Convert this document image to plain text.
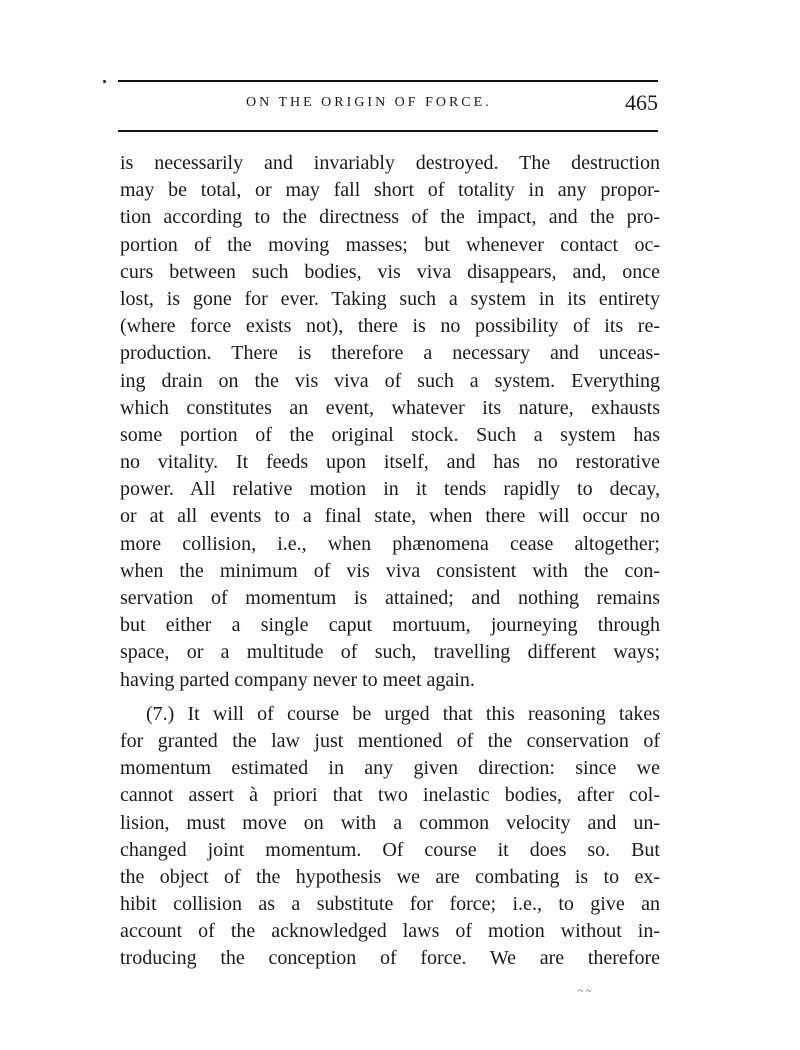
ON THE ORIGIN OF FORCE.	465
is necessarily and invariably destroyed. The destruction
may be total, or may fall short of totality in any propor-
tion according to the directness of the impact, and the pro-
portion of the moving masses; but whenever contact oc-
curs between such bodies, vis viva disappears, and, once
lost, is gone for ever. Taking such a system in its entirety
(where force exists not), there is no possibility of its re-
production. There is therefore a necessary and unceas-
ing drain on the vis viva of such a system. Everything
which constitutes an event, whatever its nature, exhausts
some portion of the original stock. Such a system has
no vitality. It feeds upon itself, and has no restorative
power. All relative motion in it tends rapidly to decay,
or at all events to a final state, when there will occur no
more collision, i.e., when phænomena cease altogether;
when the minimum of vis viva consistent with the con-
servation of momentum is attained; and nothing remains
but either a single caput mortuum, journeying through
space, or a multitude of such, travelling different ways;
having parted company never to meet again.
(7.) It will of course be urged that this reasoning takes
for granted the law just mentioned of the conservation of
momentum estimated in any given direction: since we
cannot assert à priori that two inelastic bodies, after col-
lision, must move on with a common velocity and un-
changed joint momentum. Of course it does so. But
the object of the hypothesis we are combating is to ex-
hibit collision as a substitute for force; i.e., to give an
account of the acknowledged laws of motion without in-
troducing the conception of force. We are therefore
~ ~
